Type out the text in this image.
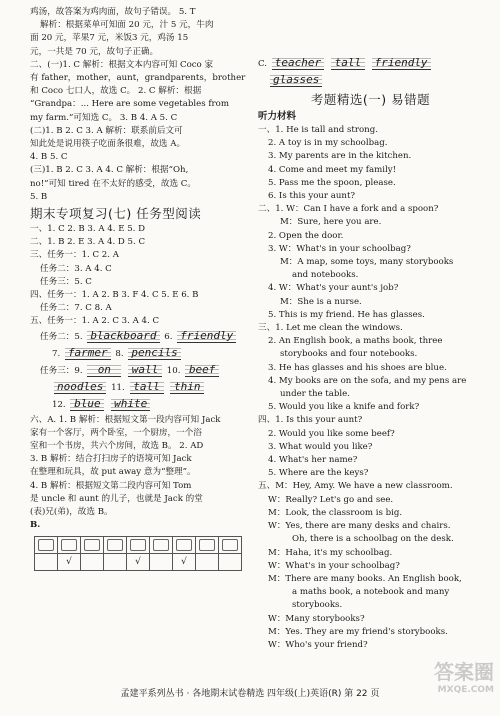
鸡汤，故答案为鸡肉面，故句子错误。 5. T
解析：根据菜单可知面 20 元，汁 5 元，牛肉
面 20 元，苹果7 元，米饭3 元，鸡汤 15
元，一共是 70 元，故句子正确。
二、(一)1. C 解析：根据文本内容可知 Coco 家
有 father，mother，aunt，grandparents，brother
和 Coco 七口人，故选 C。 2. C 解析：根据
“Grandpa：... Here are some vegetables from
my farm.”可知选 C。 3. B 4. A 5. C
(二)1. B 2. C 3. A 解析：联系前后文可
知此处是说用筷子吃面条很难，故选 A。
4. B 5. C
(三)1. B 2. C 3. A 4. C 解析：根据“Oh,
no!”可知 tired 在不太好的感受，故选 C。
5. B
期末专项复习(七) 任务型阅读
一、1. C 2. B 3. A 4. E 5. D
二、1. B 2. E 3. A 4. D 5. C
三、任务一：1. C 2. A
任务二：3. A 4. C
任务三：5. C
四、任务一：1. A 2. B 3. F 4. C 5. E 6. B
任务二：7. C 8. A
五、任务一：1. A 2. C 3. A 4. C
任务二：5. blackboard 6. friendly
7. farmer 8. pencils
任务三：9. on wall 10. beef
noodles 11. tall thin
12. blue white
六、A. 1. B 解析：根据短文第一段内容可知 Jack
家有一个客厅，两个卧室，一个厨房，一个浴
室和一个书房，共六个房间，故选 B。 2. AD
3. B 解析：结合打扫房子的语境可知 Jack
在整理和玩具，故 put away 意为“整理”。
4. B 解析：根据短文第二段内容可知 Tom
是 uncle 和 aunt 的儿子，也就是 Jack 的堂
(表)兄(弟)，故选 B。
B.

	√			√		√		
C. teacher tall friendly
glasses
考题精选(一) 易错题
听力材料
一、1. He is tall and strong.
2. A toy is in my schoolbag.
3. My parents are in the kitchen.
4. Come and meet my family!
5. Pass me the spoon, please.
6. Is this your aunt?
二、1. W：Can I have a fork and a spoon?
M：Sure, here you are.
2. Open the door.
3. W：What's in your schoolbag?
M：A map, some toys, many storybooks
and notebooks.
4. W：What's your aunt's job?
M：She is a nurse.
5. This is my friend. He has glasses.
三、1. Let me clean the windows.
2. An English book, a maths book, three
storybooks and four notebooks.
3. He has glasses and his shoes are blue.
4. My books are on the sofa, and my pens are
under the table.
5. Would you like a knife and fork?
四、1. Is this your aunt?
2. Would you like some beef?
3. What would you like?
4. What's her name?
5. Where are the keys?
五、M：Hey, Amy. We have a new classroom.
W：Really? Let's go and see.
M：Look, the classroom is big.
W：Yes, there are many desks and chairs.
Oh, there is a schoolbag on the desk.
M：Haha, it's my schoolbag.
W：What's in your schoolbag?
M：There are many books. An English book,
a maths book, a notebook and many
storybooks.
W：Many storybooks?
M：Yes. They are my friend's storybooks.
W：Who's your friend?
孟建平系列丛书 · 各地期末试卷精选 四年级(上)英语(R) 第 22 页
答案圈
MXQE.COM
